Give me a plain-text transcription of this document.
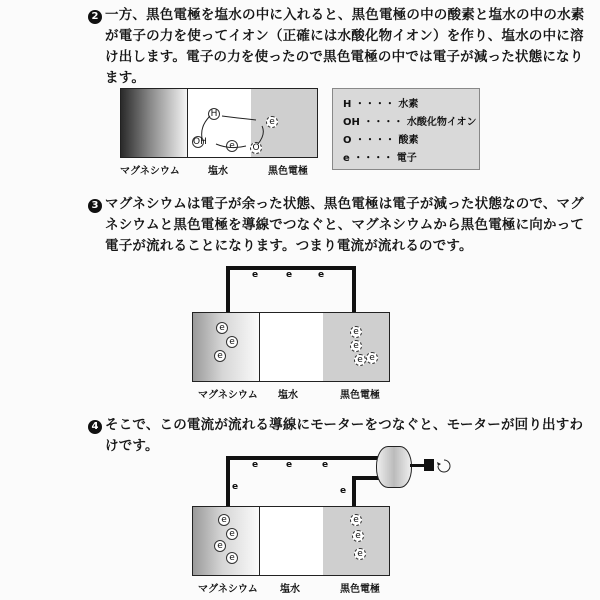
2 一方、黒色電極を塩水の中に入れると、黒色電極の中の酸素と塩水の中の水素
が電子の力を使ってイオン（正確には水酸化物イオン）を作り、塩水の中に溶
け出します。電子の力を使ったので黒色電極の中では電子が減った状態になり
ます。
OH	e
H
e
O
マグネシウム	塩水	黒色電極
H ・・・・ 水素
OH ・・・・ 水酸化物イオン
O ・・・・ 酸素
e ・・・・ 電子
3 マグネシウムは電子が余った状態、黒色電極は電子が減った状態なので、マグ
ネシウムと黒色電極を導線でつなぐと、マグネシウムから黒色電極に向かって
電子が流れることになります。つまり電流が流れるのです。
e	e	e
e
e
e
e
e
e e
マグネシウム 塩水	黒色電極
4 そこで、この電流が流れる導線にモーターをつなぐと、モーターが回り出すわ
けです。
e	e	e
e	e
e
e
e
e
e
e
e
マグネシウム 塩水	黒色電極
